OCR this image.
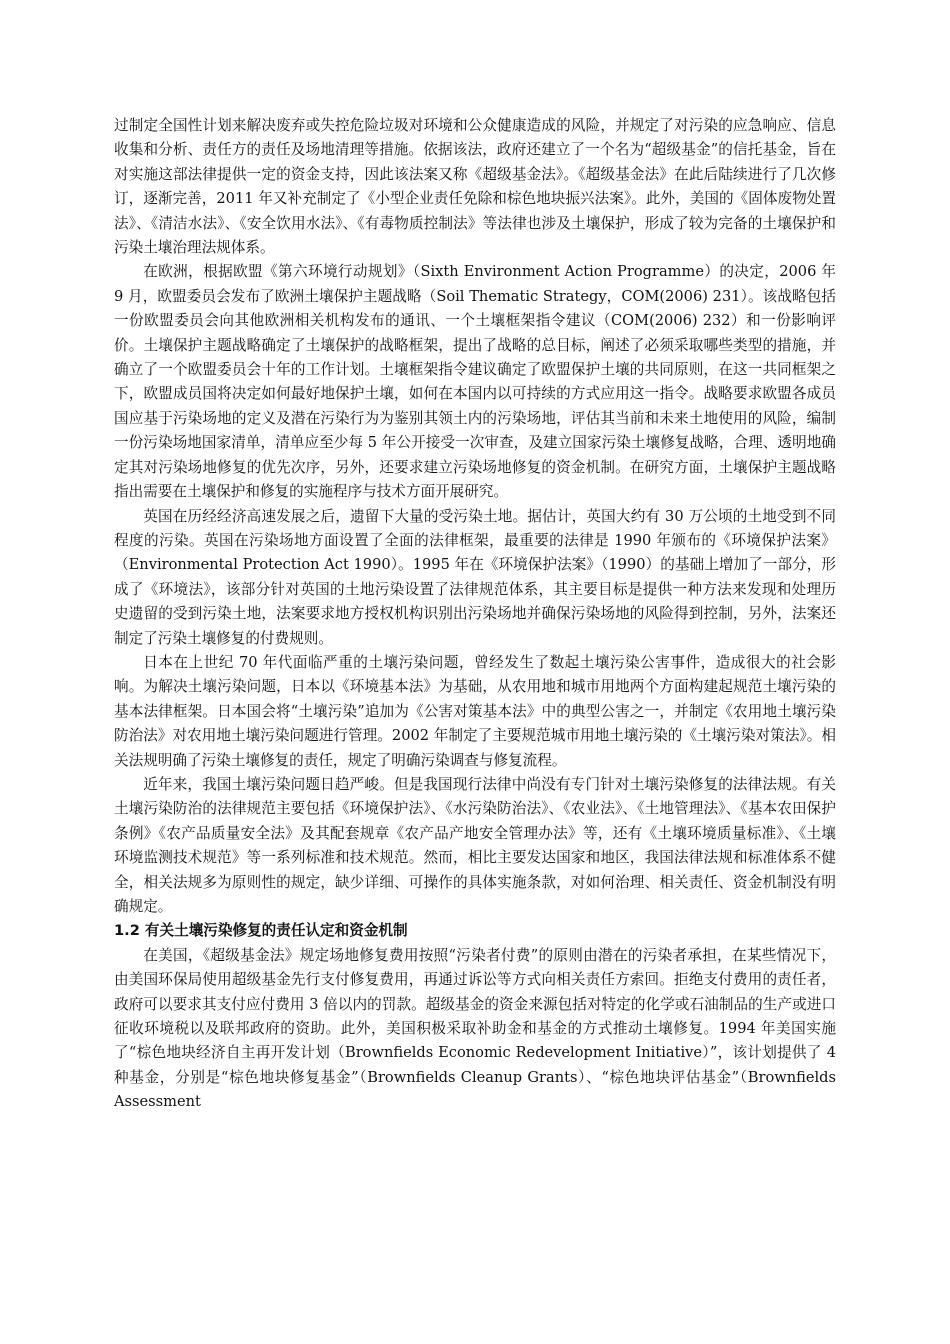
过制定全国性计划来解决废弃或失控危险垃圾对环境和公众健康造成的风险，并规定了对污染的应急响应、信息收集和分析、责任方的责任及场地清理等措施。依据该法，政府还建立了一个名为“超级基金”的信托基金，旨在对实施这部法律提供一定的资金支持，因此该法案又称《超级基金法》。《超级基金法》在此后陆续进行了几次修订，逐渐完善，2011 年又补充制定了《小型企业责任免除和棕色地块振兴法案》。此外，美国的《固体废物处置法》、《清洁水法》、《安全饮用水法》、《有毒物质控制法》等法律也涉及土壤保护，形成了较为完备的土壤保护和污染土壤治理法规体系。

在欧洲，根据欧盟《第六环境行动规划》（Sixth Environment Action Programme）的决定，2006 年 9 月，欧盟委员会发布了欧洲土壤保护主题战略（Soil Thematic Strategy，COM(2006) 231）。该战略包括一份欧盟委员会向其他欧洲相关机构发布的通讯、一个土壤框架指令建议（COM(2006) 232）和一份影响评价。土壤保护主题战略确定了土壤保护的战略框架，提出了战略的总目标，阐述了必须采取哪些类型的措施，并确立了一个欧盟委员会十年的工作计划。土壤框架指令建议确定了欧盟保护土壤的共同原则，在这一共同框架之下，欧盟成员国将决定如何最好地保护土壤，如何在本国内以可持续的方式应用这一指令。战略要求欧盟各成员国应基于污染场地的定义及潜在污染行为为鉴别其领土内的污染场地，评估其当前和未来土地使用的风险，编制一份污染场地国家清单，清单应至少每 5 年公开接受一次审查，及建立国家污染土壤修复战略，合理、透明地确定其对污染场地修复的优先次序，另外，还要求建立污染场地修复的资金机制。在研究方面，土壤保护主题战略指出需要在土壤保护和修复的实施程序与技术方面开展研究。

英国在历经经济高速发展之后，遗留下大量的受污染土地。据估计，英国大约有 30 万公顷的土地受到不同程度的污染。英国在污染场地方面设置了全面的法律框架，最重要的法律是 1990 年颁布的《环境保护法案》（Environmental Protection Act 1990）。1995 年在《环境保护法案》（1990）的基础上增加了一部分，形成了《环境法》，该部分针对英国的土地污染设置了法律规范体系，其主要目标是提供一种方法来发现和处理历史遗留的受到污染土地，法案要求地方授权机构识别出污染场地并确保污染场地的风险得到控制，另外，法案还制定了污染土壤修复的付费规则。

日本在上世纪 70 年代面临严重的土壤污染问题，曾经发生了数起土壤污染公害事件，造成很大的社会影响。为解决土壤污染问题，日本以《环境基本法》为基础，从农用地和城市用地两个方面构建起规范土壤污染的基本法律框架。日本国会将“土壤污染”追加为《公害对策基本法》中的典型公害之一，并制定《农用地土壤污染防治法》对农用地土壤污染问题进行管理。2002 年制定了主要规范城市用地土壤污染的《土壤污染对策法》。相关法规明确了污染土壤修复的责任，规定了明确污染调查与修复流程。

近年来，我国土壤污染问题日趋严峻。但是我国现行法律中尚没有专门针对土壤污染修复的法律法规。有关土壤污染防治的法律规范主要包括《环境保护法》、《水污染防治法》、《农业法》、《土地管理法》、《基本农田保护条例》《农产品质量安全法》及其配套规章《农产品产地安全管理办法》等，还有《土壤环境质量标准》、《土壤环境监测技术规范》等一系列标准和技术规范。然而，相比主要发达国家和地区，我国法律法规和标准体系不健全，相关法规多为原则性的规定，缺少详细、可操作的具体实施条款，对如何治理、相关责任、资金机制没有明确规定。

1.2 有关土壤污染修复的责任认定和资金机制

在美国，《超级基金法》规定场地修复费用按照“污染者付费”的原则由潜在的污染者承担，在某些情况下，由美国环保局使用超级基金先行支付修复费用，再通过诉讼等方式向相关责任方索回。拒绝支付费用的责任者，政府可以要求其支付应付费用 3 倍以内的罚款。超级基金的资金来源包括对特定的化学或石油制品的生产或进口征收环境税以及联邦政府的资助。此外，美国积极采取补助金和基金的方式推动土壤修复。1994 年美国实施了“棕色地块经济自主再开发计划（Brownfields Economic Redevelopment Initiative）”，该计划提供了 4 种基金，分别是“棕色地块修复基金”（Brownfields Cleanup Grants）、“棕色地块评估基金”（Brownfields Assessment
